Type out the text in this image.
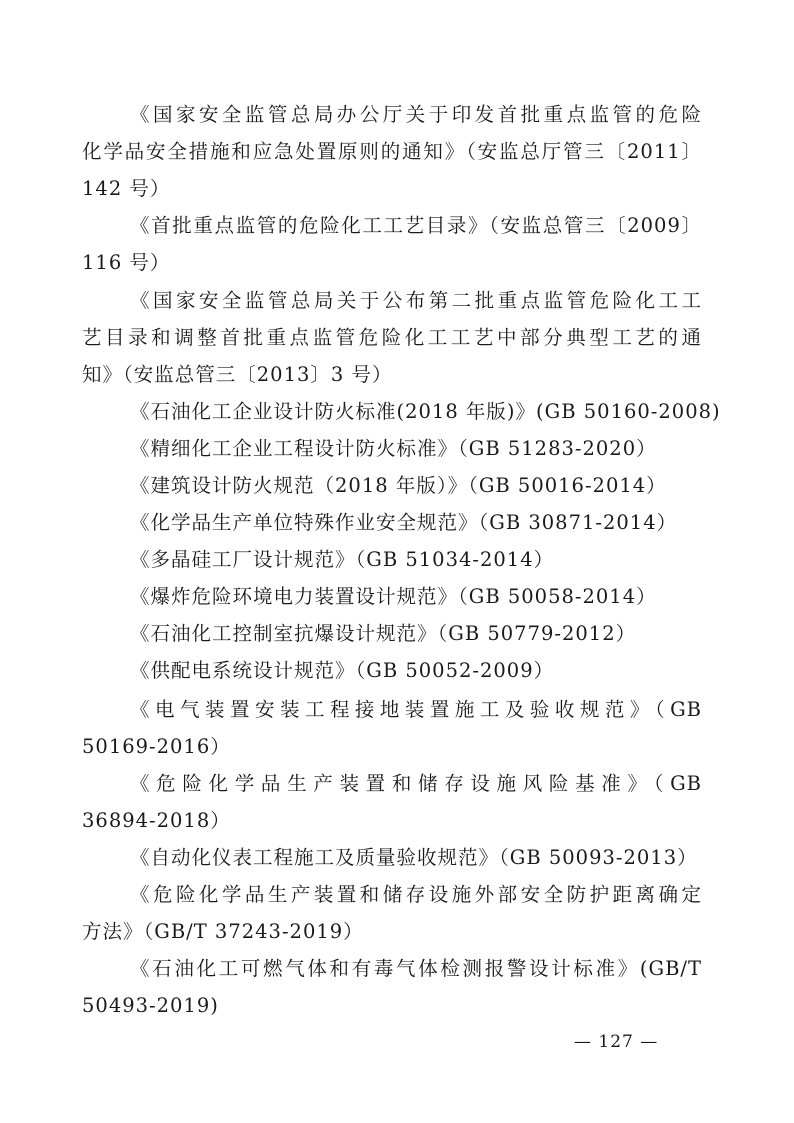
《国家安全监管总局办公厅关于印发首批重点监管的危险
化学品安全措施和应急处置原则的通知》（安监总厅管三〔2011〕
142 号）
《首批重点监管的危险化工工艺目录》（安监总管三〔2009〕
116 号）
《国家安全监管总局关于公布第二批重点监管危险化工工
艺目录和调整首批重点监管危险化工工艺中部分典型工艺的通
知》（安监总管三〔2013〕3 号）
《石油化工企业设计防火标准(2018 年版)》(GB 50160-2008)
《精细化工企业工程设计防火标准》（GB 51283-2020）
《建筑设计防火规范（2018 年版）》（GB 50016-2014）
《化学品生产单位特殊作业安全规范》（GB 30871-2014）
《多晶硅工厂设计规范》（GB 51034-2014）
《爆炸危险环境电力装置设计规范》（GB 50058-2014）
《石油化工控制室抗爆设计规范》（GB 50779-2012）
《供配电系统设计规范》（GB 50052-2009）
《电气装置安装工程接地装置施工及验收规范》（GB
50169-2016）
《危险化学品生产装置和储存设施风险基准》（GB
36894-2018）
《自动化仪表工程施工及质量验收规范》（GB 50093-2013）
《危险化学品生产装置和储存设施外部安全防护距离确定
方法》（GB/T 37243-2019）
《石油化工可燃气体和有毒气体检测报警设计标准》(GB/T
50493-2019)
— 127 —
